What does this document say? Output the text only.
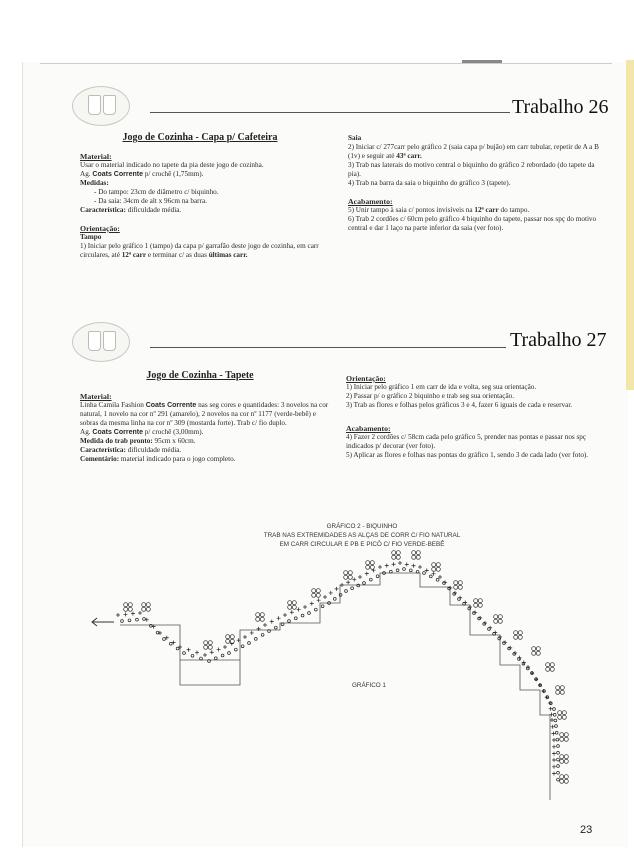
Trabalho 26
Jogo de Cozinha - Capa p/ Cafeteira

Material:

Usar o material indicado no tapete da pia deste jogo de cozinha.

Ag. Coats Corrente p/ crochê (1,75mm).

Medidas:

- Do tampo: 23cm de diâmetro c/ biquinho.

- Da saia: 34cm de alt x 96cm na barra.

Característica: dificuldade média.

Orientação:

Tampo

1) Iniciar pelo gráfico 1 (tampo) da capa p/ garrafão deste jogo de cozinha, em carr circulares, até 12ª carr e terminar c/ as duas últimas carr.

Saia

2) Iniciar c/ 277carr pelo gráfico 2 (saia capa p/ bujão) em carr tubular, repetir de A a B (1v) e seguir até 43ª carr.

3) Trab nas laterais do motivo central o biquinho do gráfico 2 rebordado (do tapete da pia).

4) Trab na barra da saia o biquinho do gráfico 3 (tapete).

Acabamento:

5) Unir tampo à saia c/ pontos invisíveis na 12ª carr do tampo.

6) Trab 2 cordões c/ 60cm pelo gráfico 4 biquinho do tapete, passar nos spç do motivo central e dar 1 laço na parte inferior da saia (ver foto).

Trabalho 27
Jogo de Cozinha - Tapete

Material:

Linha Camila Fashion Coats Corrente nas seg cores e quantidades: 3 novelos na cor natural, 1 novelo na cor nº 291 (amarelo), 2 novelos na cor nº 1177 (verde-bebê) e sobras da mesma linha na cor nº 309 (mostarda forte). Trab c/ fio duplo.

Ag. Coats Corrente p/ crochê (3,00mm).

Medida do trab pronto: 95cm x 60cm.

Característica: dificuldade média.

Comentário: material indicado para o jogo completo.

Orientação:

1) Iniciar pelo gráfico 1 em carr de ida e volta, seg sua orientação.

2) Passar p/ o gráfico 2 biquinho e trab seg sua orientação.

3) Trab as flores e folhas pelos gráficos 3 e 4, fazer 6 iguais de cada e reservar.

Acabamento:

4) Fazer 2 cordões c/ 58cm cada pelo gráfico 5, prender nas pontas e passar nos spç indicados p/ decorar (ver foto).

5) Aplicar as flores e folhas nas pontas do gráfico 1, sendo 3 de cada lado (ver foto).

GRÁFICO 2 - BIQUINHO
TRAB NAS EXTREMIDADES AS ALÇAS DE CORR C/ FIO NATURAL
EM CARR CIRCULAR E PB E PICÔ C/ FIO VERDE-BEBÊ
GRÁFICO 1
23
